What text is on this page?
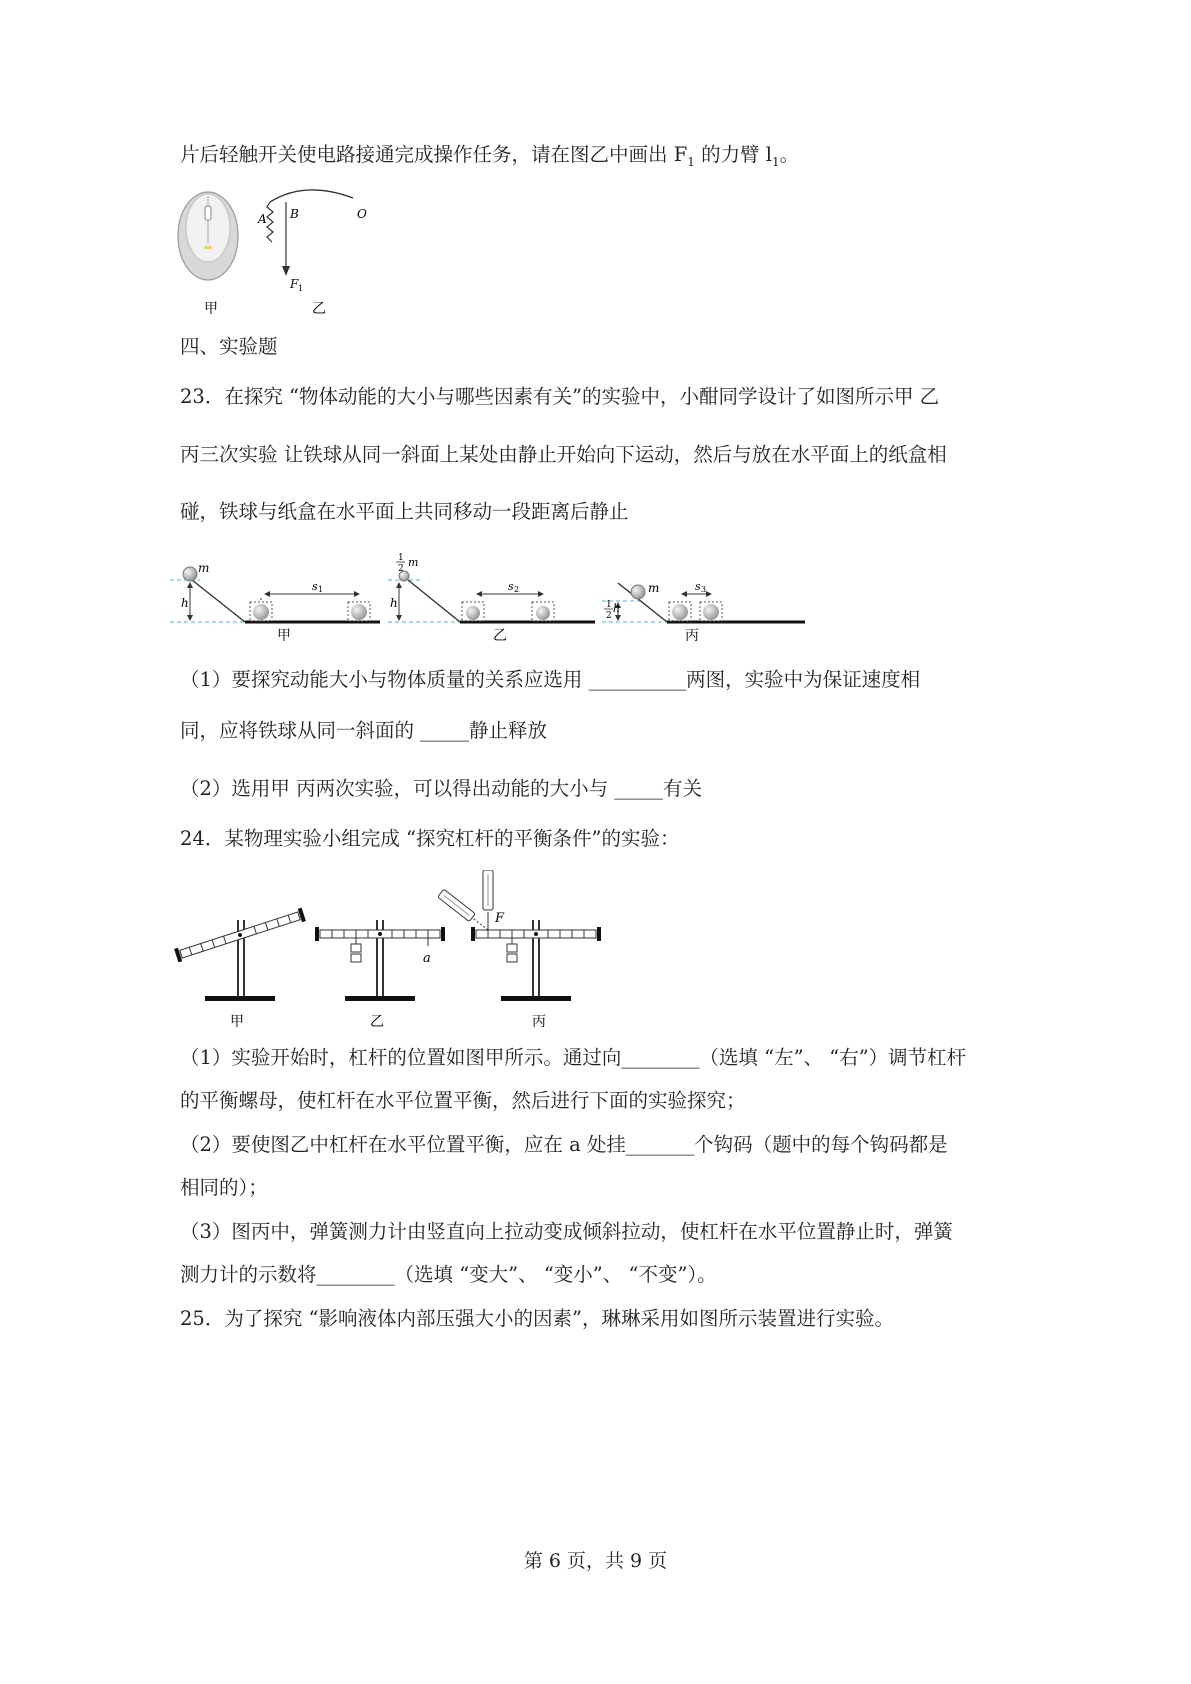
片后轻触开关使电路接通完成操作任务，请在图乙中画出 $F_1$ 的力臂 $l_1$。
A B	O
F 1
甲	乙
四、实验题
23．在探究 “物体动能的大小与哪些因素有关”的实验中，小酣同学设计了如图所示甲 乙
丙三次实验 让铁球从同一斜面上某处由静止开始向下运动，然后与放在水平面上的纸盒相
碰，铁球与纸盒在水平面上共同移动一段距离后静止
m
h
s 1
甲
1
2 m
h
s 2
乙
m
1
2
h
s 3
丙
（1）要探究动能大小与物体质量的关系应选用 __________两图，实验中为保证速度相
同，应将铁球从同一斜面的 _____静止释放
（2）选用甲 丙两次实验，可以得出动能的大小与 _____有关
24．某物理实验小组完成 “探究杠杆的平衡条件”的实验：
甲
a
乙
F
丙
（1）实验开始时，杠杆的位置如图甲所示。通过向________（选填 “左”、 “右”）调节杠杆
的平衡螺母，使杠杆在水平位置平衡，然后进行下面的实验探究；
（2）要使图乙中杠杆在水平位置平衡，应在 a 处挂_______个钩码（题中的每个钩码都是
相同的）；
（3）图丙中，弹簧测力计由竖直向上拉动变成倾斜拉动，使杠杆在水平位置静止时，弹簧
测力计的示数将________（选填 “变大”、 “变小”、 “不变”）。
25．为了探究 “影响液体内部压强大小的因素”，琳琳采用如图所示装置进行实验。
第 6 页，共 9 页
